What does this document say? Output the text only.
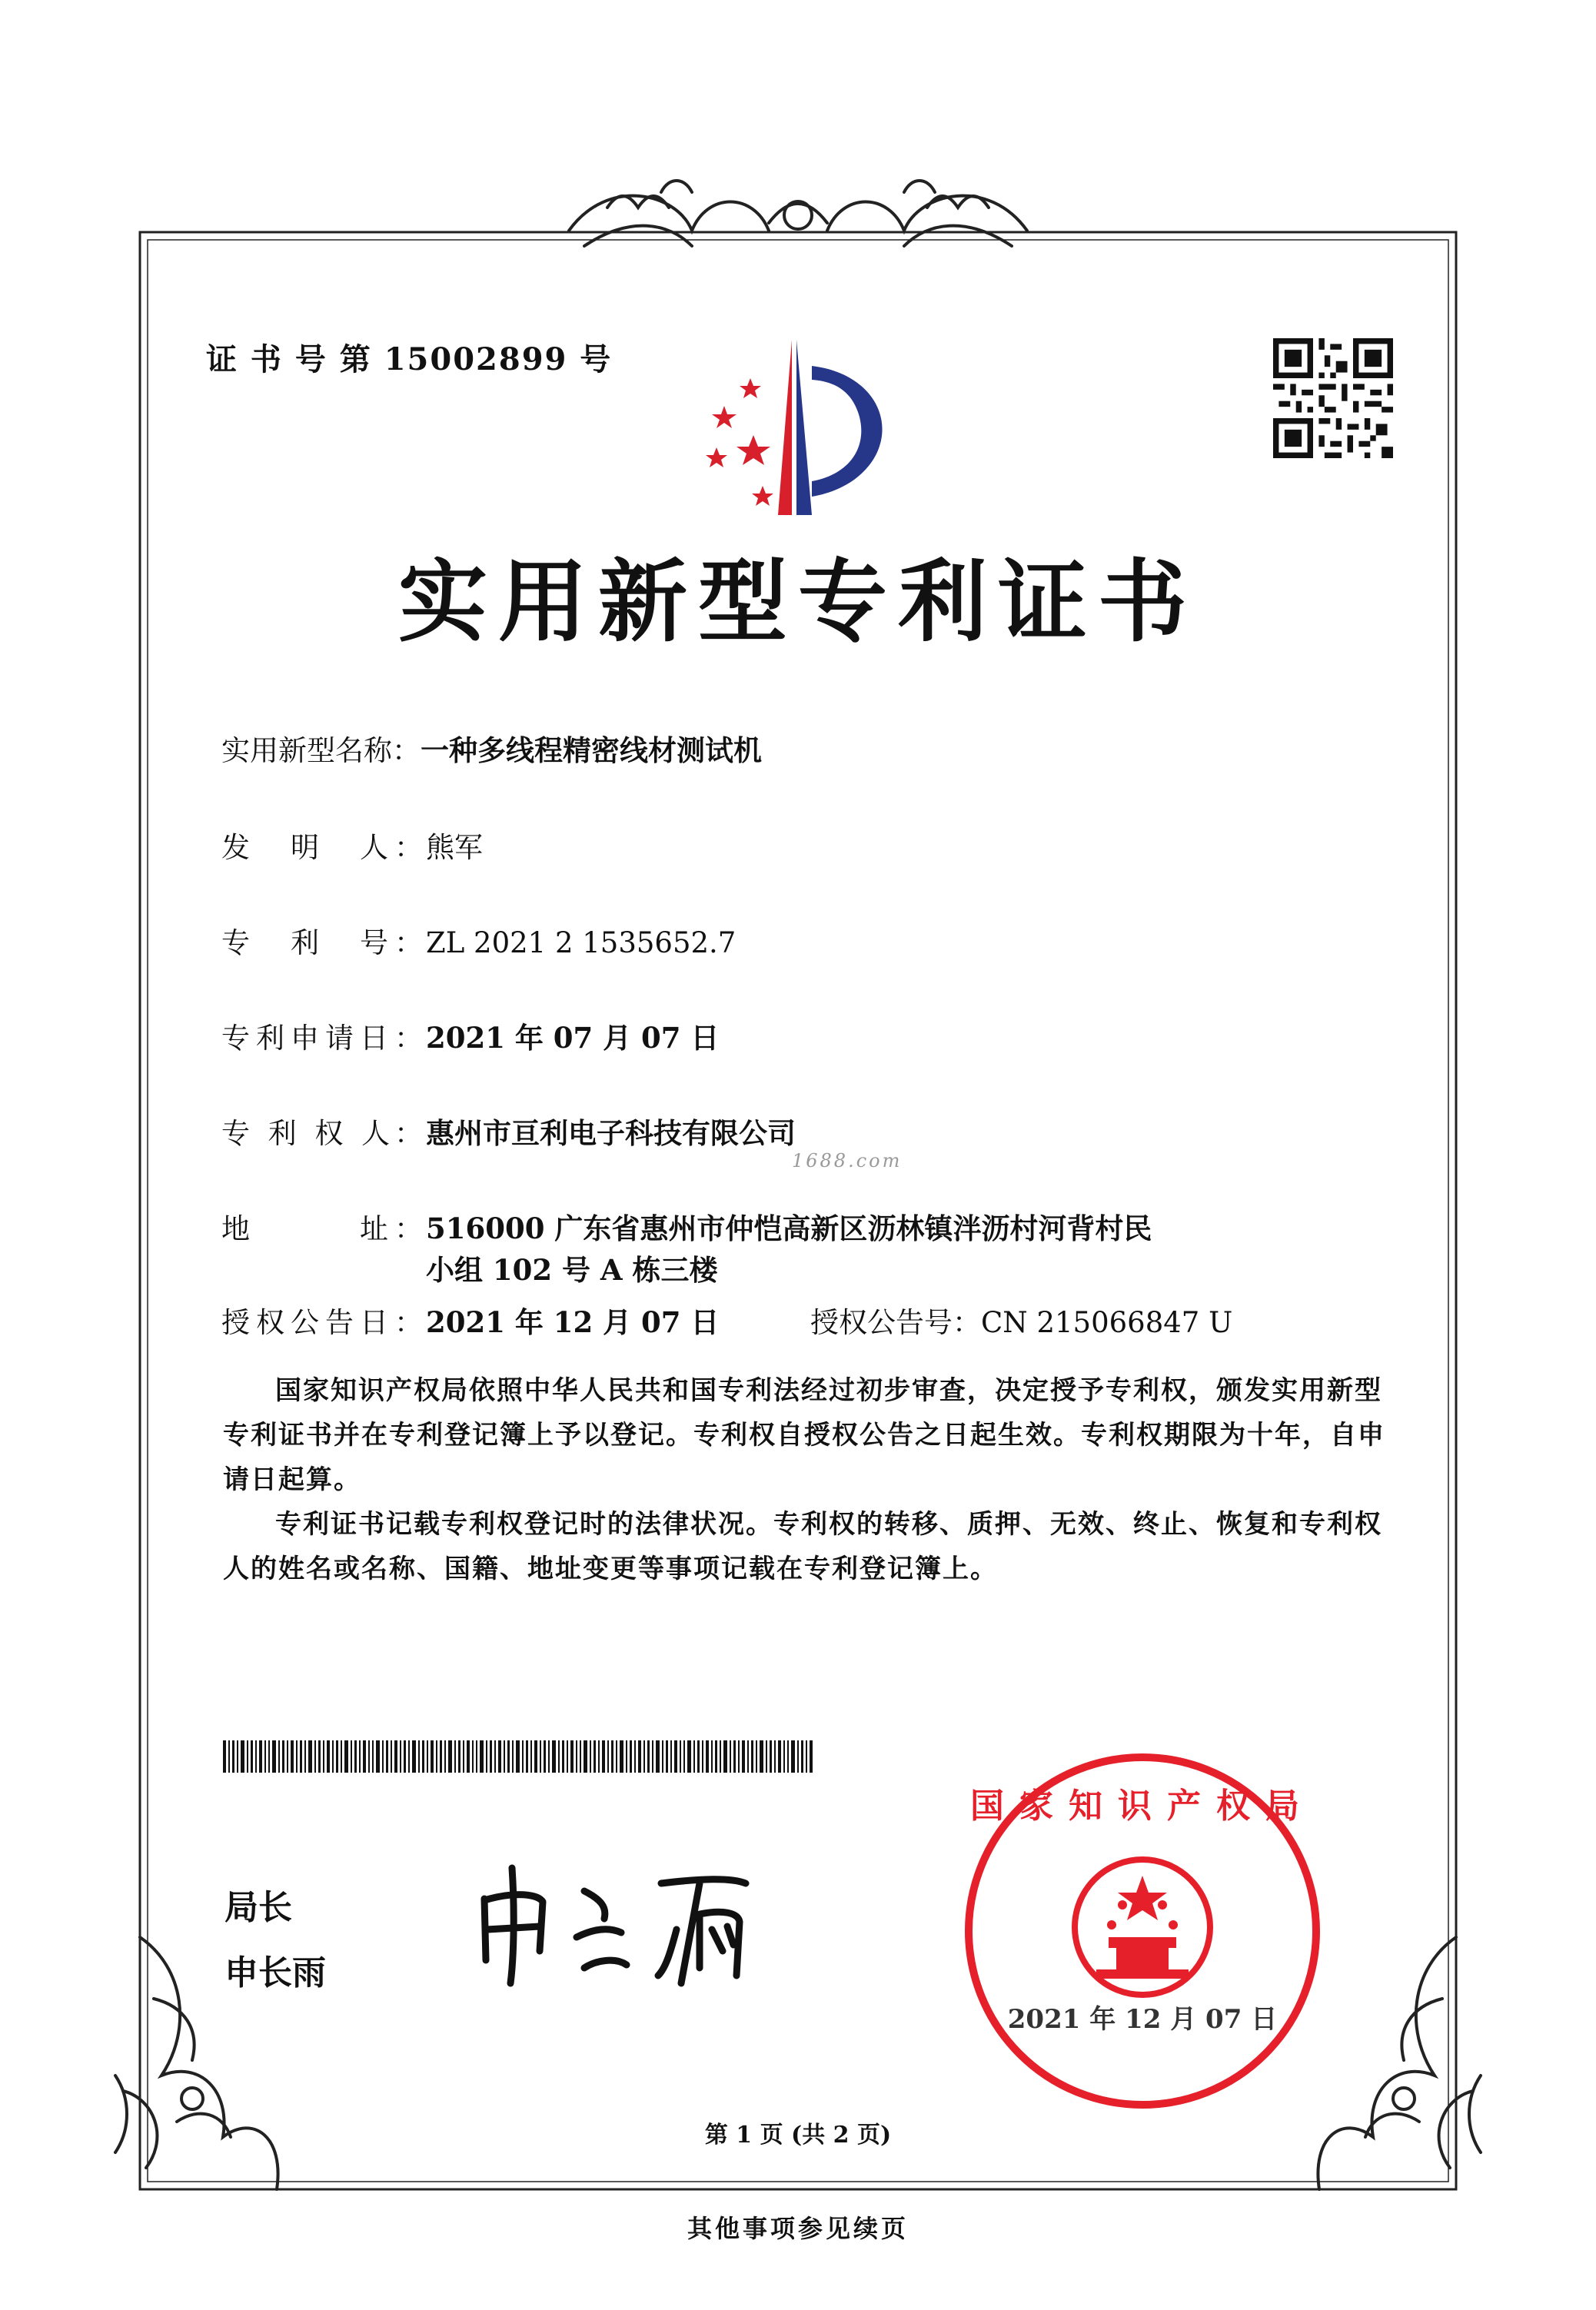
证 书 号 第 15002899 号
实用新型专利证书
实用新型名称：一种多线程精密线材测试机
发　明　人：熊军
专　利　号：ZL 2021 2 1535652.7
专利申请日：2021 年 07 月 07 日
专 利 权 人：惠州市亘利电子科技有限公司
1688.com
地　　　址：516000 广东省惠州市仲恺高新区沥林镇泮沥村河背村民
小组 102 号 A 栋三楼
授权公告日：2021 年 12 月 07 日	授权公告号：CN 215066847 U
国家知识产权局依照中华人民共和国专利法经过初步审查，决定授予专利权，颁发实用新型专利证书并在专利登记簿上予以登记。专利权自授权公告之日起生效。专利权期限为十年，自申请日起算。
专利证书记载专利权登记时的法律状况。专利权的转移、质押、无效、终止、恢复和专利权人的姓名或名称、国籍、地址变更等事项记载在专利登记簿上。
局长
申长雨
国家知识产权局
2021 年 12 月 07 日
第 1 页 (共 2 页)
其他事项参见续页
